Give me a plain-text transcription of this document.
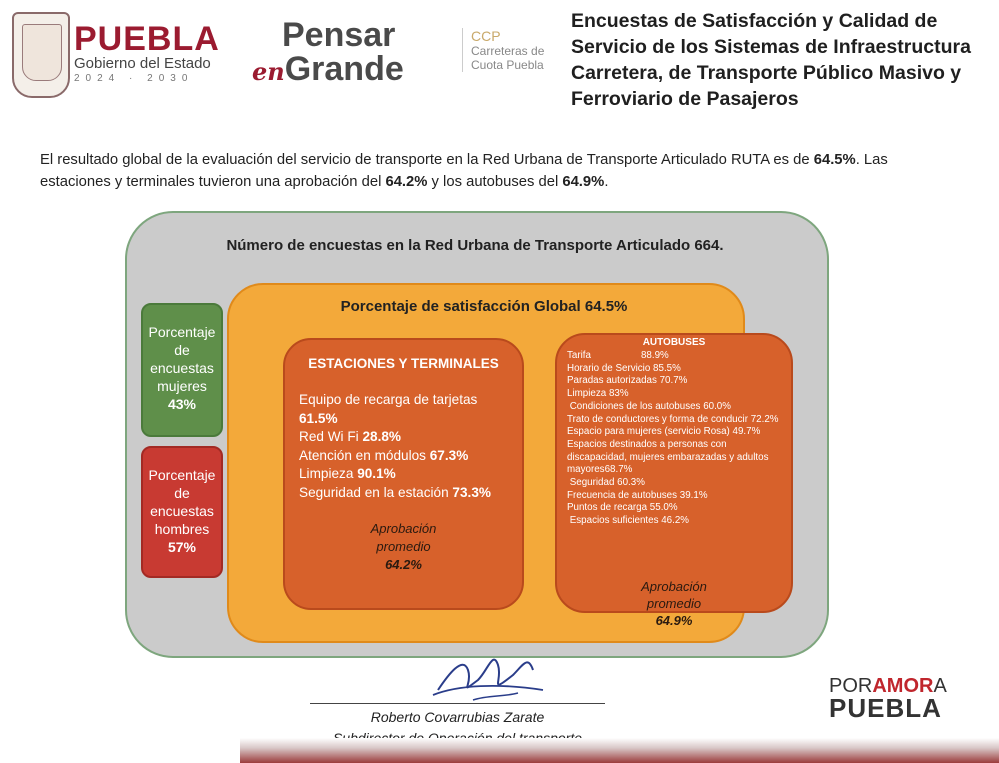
PUEBLA
Gobierno del Estado
2024 · 2030
Pensar
enGrande
CCP
Carreteras de
Cuota Puebla
Encuestas de Satisfacción y Calidad de Servicio de los Sistemas de Infraestructura Carretera, de Transporte Público Masivo y Ferroviario de Pasajeros
El resultado global de la evaluación del servicio de transporte en la Red Urbana de Transporte Articulado RUTA es de 64.5%. Las estaciones y terminales tuvieron una aprobación del 64.2% y los autobuses del 64.9%.
Número de encuestas en la Red Urbana de Transporte Articulado 664.
Porcentaje de satisfacción Global 64.5%
Porcentaje de encuestas mujeres
43%
Porcentaje de encuestas hombres
57%
ESTACIONES Y TERMINALES
Equipo de recarga de tarjetas 61.5%
Red Wi Fi 28.8%
Atención en módulos 67.3%
Limpieza 90.1%
Seguridad en la estación 73.3%
Aprobación
promedio
64.2%
AUTOBUSES
Tarifa	88.9%
Horario de Servicio 85.5%
Paradas autorizadas 70.7%
Limpieza 83%
Condiciones de los autobuses 60.0%
Trato de conductores y forma de conducir 72.2%
Espacio para mujeres (servicio Rosa) 49.7%
Espacios destinados a personas con discapacidad, mujeres embarazadas y adultos mayores68.7%
Seguridad 60.3%
Frecuencia de autobuses 39.1%
Puntos de recarga 55.0%
Espacios suficientes 46.2%
Aprobación
promedio
64.9%
Roberto Covarrubias Zarate
PORAMORA
PUEBLA
